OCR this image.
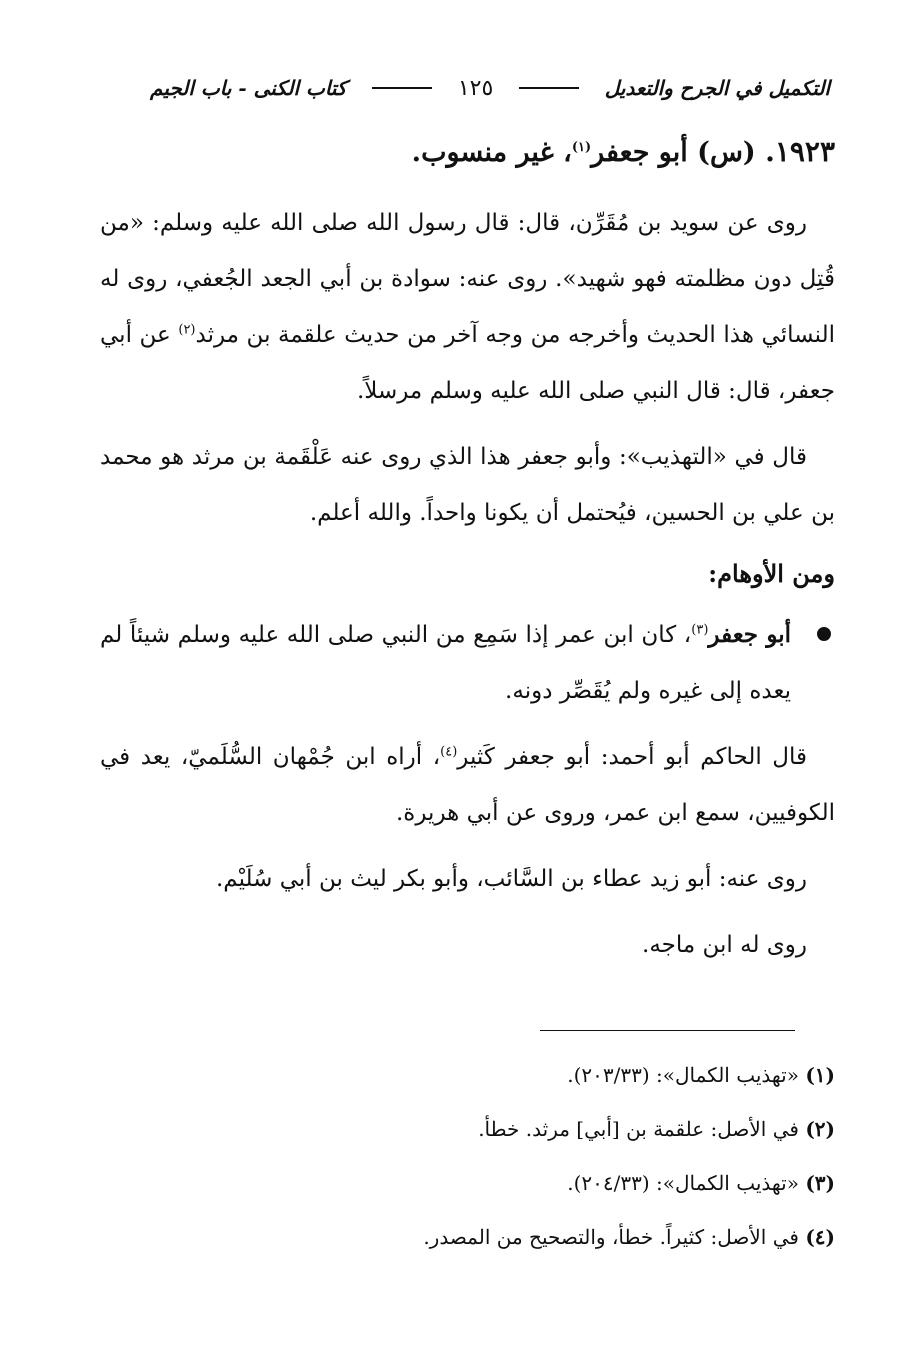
التكميل في الجرح والتعديل
١٢٥
كتاب الكنى - باب الجيم
١٩٢٣. (س) أبو جعفر$^{(١)}$، غير منسوب.

روى عن سويد بن مُقَرِّن، قال: قال رسول الله صلى الله عليه وسلم: «من قُتِل دون مظلمته فهو شهيد». روى عنه: سوادة بن أبي الجعد الجُعفي، روى له النسائي هذا الحديث وأخرجه من وجه آخر من حديث علقمة بن مرثد$^{(٢)}$ عن أبي جعفر، قال: قال النبي صلى الله عليه وسلم مرسلاً.

قال في «التهذيب»: وأبو جعفر هذا الذي روى عنه عَلْقَمة بن مرثد هو محمد بن علي بن الحسين، فيُحتمل أن يكونا واحداً. والله أعلم.

ومن الأوهام:
أبو جعفر$^{(٣)}$، كان ابن عمر إذا سَمِع من النبي صلى الله عليه وسلم شيئاً لم يعده إلى غيره ولم يُقَصِّر دونه.

قال الحاكم أبو أحمد: أبو جعفر كَثير$^{(٤)}$، أراه ابن جُمْهان السُّلَميّ، يعد في الكوفيين، سمع ابن عمر، وروى عن أبي هريرة.

روى عنه: أبو زيد عطاء بن السَّائب، وأبو بكر ليث بن أبي سُلَيْم.

روى له ابن ماجه.

(١) «تهذيب الكمال»: (٢٠٣/٣٣).
(٢) في الأصل: علقمة بن [أبي] مرثد. خطأ.
(٣) «تهذيب الكمال»: (٢٠٤/٣٣).
(٤) في الأصل: كثيراً. خطأ، والتصحيح من المصدر.
